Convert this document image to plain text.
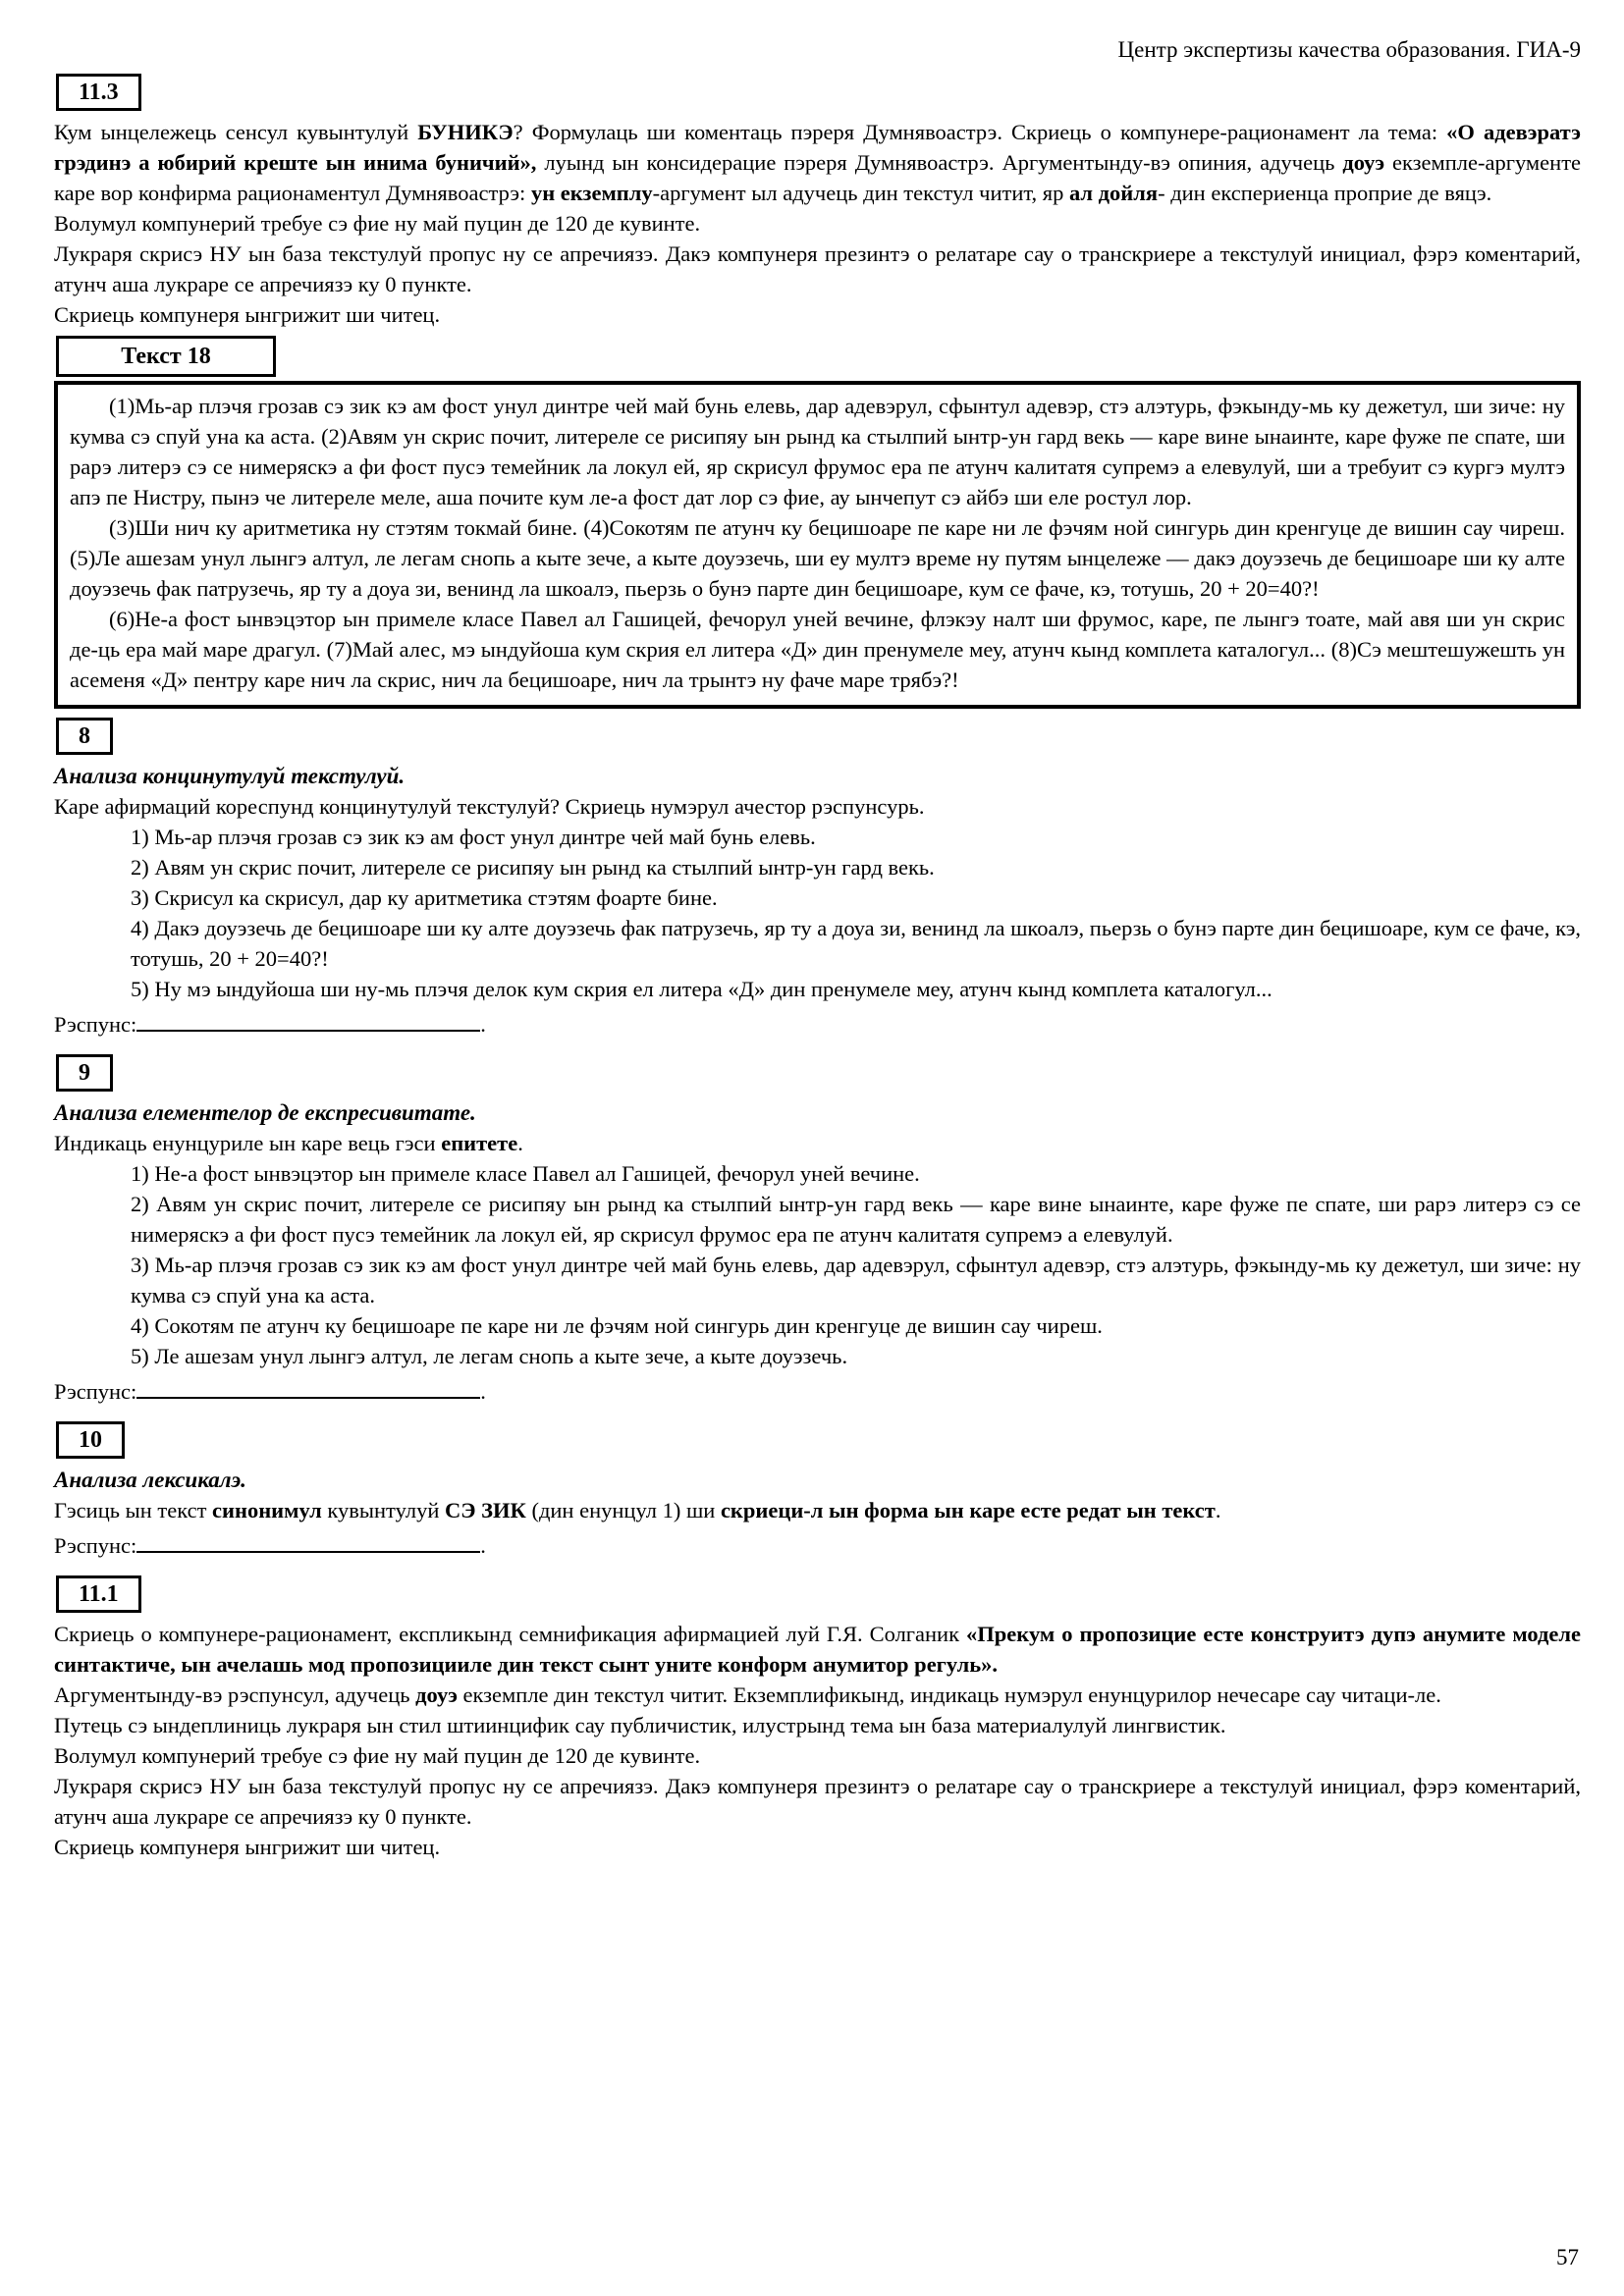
Центр экспертизы качества образования. ГИА-9
11.3

Кум ынцележець сенсул кувынтулуй БУНИКЭ? Формулаць ши коментаць пэреря Думнявоастрэ. Скриець о компунере-рационамент ла тема: «О адевэратэ грэдинэ а юбирий креште ын инима буничий», луынд ын консидерацие пэреря Думнявоастрэ. Аргументынду-вэ опиния, адучець доуэ екземпле-аргументе каре вор конфирма рационаментул Думнявоастрэ: ун екземплу-аргумент ыл адучець дин текстул читит, яр ал дойля- дин експериенца проприе де вяцэ.

Волумул компунерий требуе сэ фие ну май пуцин де 120 де кувинте.

Лукраря скрисэ НУ ын база текстулуй пропус ну се апречиязэ. Дакэ компунеря презинтэ о релатаре сау о транскриере а текстулуй инициал, фэрэ коментарий, атунч аша лукраре се апречиязэ ку 0 пункте.

Скриець компунеря ынгрижит ши читец.

Текст 18

(1)Мь-ар плэчя грозав сэ зик кэ ам фост унул динтре чей май бунь елевь, дар адевэрул, сфынтул адевэр, стэ алэтурь, фэкынду-мь ку дежетул, ши зиче: ну кумва сэ спуй уна ка аста. (2)Авям ун скрис почит, литереле се рисипяу ын рынд ка стылпий ынтр-ун гард векь — каре вине ынаинте, каре фуже пе спате, ши рарэ литерэ сэ се нимеряскэ а фи фост пусэ темейник ла локул ей, яр скрисул фрумос ера пе атунч калитатя супремэ а елевулуй, ши а требуит сэ кургэ мултэ апэ пе Нистру, пынэ че литереле меле, аша почите кум ле-а фост дат лор сэ фие, ау ынчепут сэ айбэ ши еле ростул лор.

(3)Ши нич ку аритметика ну стэтям токмай бине. (4)Сокотям пе атунч ку бецишоаре пе каре ни ле фэчям ной сингурь дин кренгуце де вишин сау чиреш. (5)Ле ашезам унул лынгэ алтул, ле легам снопь а кыте зече, а кыте доуэзечь, ши еу мултэ време ну путям ынцележе — дакэ доуэзечь де бецишоаре ши ку алте доуэзечь фак патрузечь, яр ту а доуа зи, венинд ла шкоалэ, пьерзь о бунэ парте дин бецишоаре, кум се фаче, кэ, тотушь, 20 + 20=40?!

(6)Не-а фост ынвэцэтор ын примеле класе Павел ал Гашицей, фечорул уней вечине, флэкэу налт ши фрумос, каре, пе лынгэ тоате, май авя ши ун скрис де-ць ера май маре драгул. (7)Май алес, мэ ындуйоша кум скрия ел литера «Д» дин пренумеле меу, атунч кынд комплета каталогул... (8)Сэ мештешужешть ун асеменя «Д» пентру каре нич ла скрис, нич ла бецишоаре, нич ла трынтэ ну фаче маре трябэ?!

8

Анализа концинутулуй текстулуй.

Каре афирмаций кореспунд концинутулуй текстулуй? Скриець нумэрул ачестор рэспунсурь.

1) Мь-ар плэчя грозав сэ зик кэ ам фост унул динтре чей май бунь елевь.

2) Авям ун скрис почит, литереле се рисипяу ын рынд ка стылпий ынтр-ун гард векь.

3) Скрисул ка скрисул, дар ку аритметика стэтям фоарте бине.

4) Дакэ доуэзечь де бецишоаре ши ку алте доуэзечь фак патрузечь, яр ту а доуа зи, венинд ла шкоалэ, пьерзь о бунэ парте дин бецишоаре, кум се фаче, кэ, тотушь, 20 + 20=40?!

5) Ну мэ ындуйоша ши ну-мь плэчя делок кум скрия ел литера «Д» дин пренумеле меу, атунч кынд комплета каталогул...

Рэспунс:	.
9

Анализа елементелор де експресивитате.

Индикаць енунцуриле ын каре вець гэси епитете.

1) Не-а фост ынвэцэтор ын примеле класе Павел ал Гашицей, фечорул уней вечине.

2) Авям ун скрис почит, литереле се рисипяу ын рынд ка стылпий ынтр-ун гард векь — каре вине ынаинте, каре фуже пе спате, ши рарэ литерэ сэ се нимеряскэ а фи фост пусэ темейник ла локул ей, яр скрисул фрумос ера пе атунч калитатя супремэ а елевулуй.

3) Мь-ар плэчя грозав сэ зик кэ ам фост унул динтре чей май бунь елевь, дар адевэрул, сфынтул адевэр, стэ алэтурь, фэкынду-мь ку дежетул, ши зиче: ну кумва сэ спуй уна ка аста.

4) Сокотям пе атунч ку бецишоаре пе каре ни ле фэчям ной сингурь дин кренгуце де вишин сау чиреш.

5) Ле ашезам унул лынгэ алтул, ле легам снопь а кыте зече, а кыте доуэзечь.

Рэспунс:	.
10

Анализа лексикалэ.

Гэсиць ын текст синонимул кувынтулуй СЭ ЗИК (дин енунцул 1) ши скриеци-л ын форма ын каре есте редат ын текст.

Рэспунс:	.
11.1

Скриець о компунере-рационамент, експликынд семнификация афирмацией луй Г.Я. Солганик «Прекум о пропозицие есте конструитэ дупэ анумите моделе синтактиче, ын ачелашь мод пропозицииле дин текст сынт уните конформ анумитор регуль».

Аргументынду-вэ рэспунсул, адучець доуэ екземпле дин текстул читит. Екземплификынд, индикаць нумэрул енунцурилор нечесаре сау читаци-ле.

Путець сэ ындеплиниць лукраря ын стил штиинцифик сау публичистик, илустрынд тема ын база материалулуй лингвистик.

Волумул компунерий требуе сэ фие ну май пуцин де 120 де кувинте.

Лукраря скрисэ НУ ын база текстулуй пропус ну се апречиязэ. Дакэ компунеря презинтэ о релатаре сау о транскриере а текстулуй инициал, фэрэ коментарий, атунч аша лукраре се апречиязэ ку 0 пункте.

Скриець компунеря ынгрижит ши читец.

57
